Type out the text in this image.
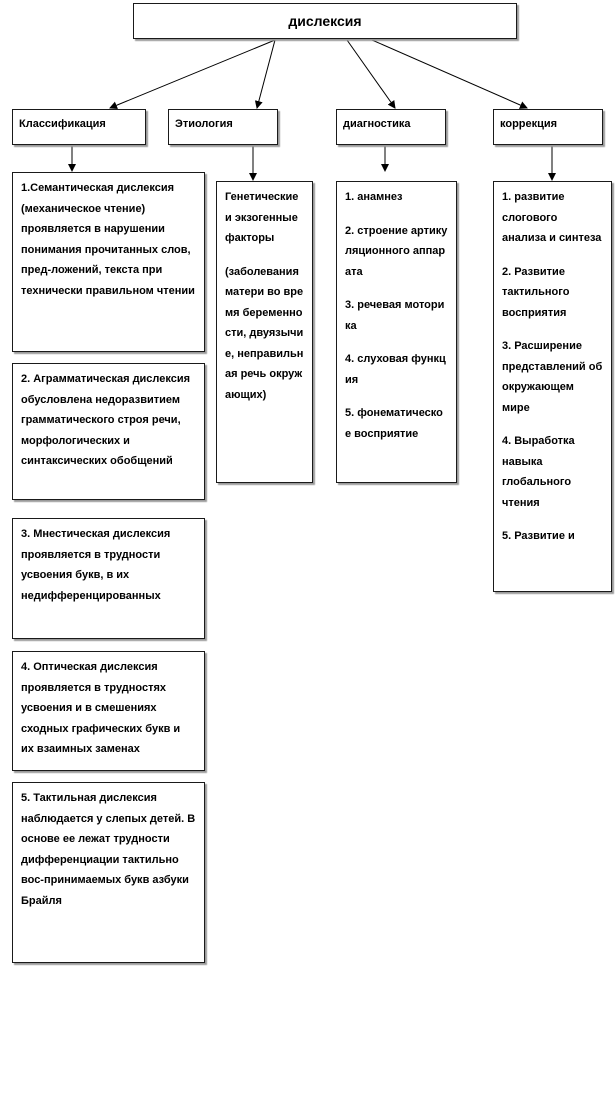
дислексия
Классификация	Этиология	диагностика	коррекция

1.Семантическая дислексия (механическое чтение) проявляется в нарушении понимания прочитанных слов, пред-ложений, текста при технически правильном чтении

2. Аграмматическая дислексия обусловлена недоразвитием грамматического строя речи, морфологических и синтаксических обобщений

3. Мнестическая дислексия проявляется в трудности усвоения букв, в их недифференцированных

4. Оптическая дислексия проявляется в трудностях усвоения и в смешениях сходных графических букв и их взаимных заменах

5. Тактильная дислексия наблюдается у слепых детей. В основе ее лежат трудности дифференциации тактильно вос-принимаемых букв азбуки Брайля

Генетические и экзогенные факторы

(заболевания матери во время беременности, двуязычие, неправильная речь окружающих)

1. анамнез

2. строение артикуляционного аппарата

3. речевая моторика

4. слуховая функция

5. фонематическое восприятие

1. развитие слогового анализа и синтеза

2. Развитие тактильного восприятия

3. Расширение представлений об окружающем мире

4. Выработка навыка глобального чтения

5. Развитие и
